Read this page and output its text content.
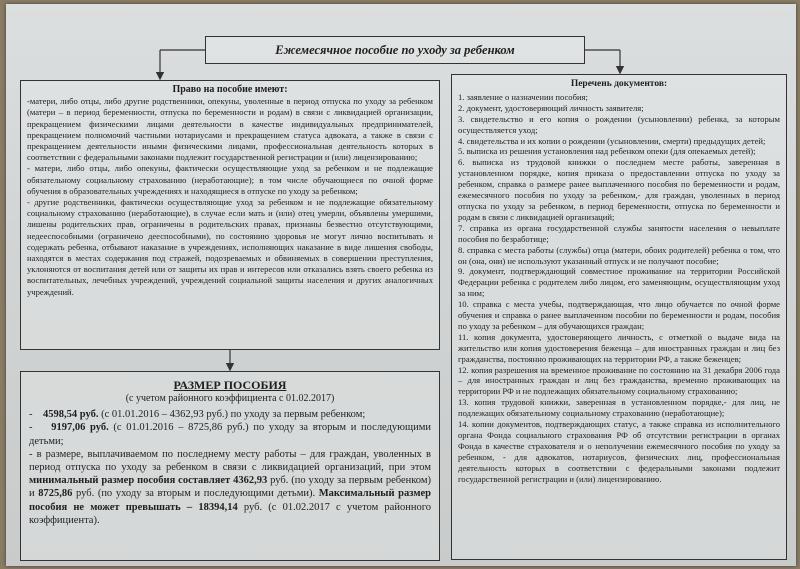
Ежемесячное пособие по уходу за ребенком
Право на пособие имеют:

-матери, либо отцы, либо другие родственники, опекуны, уволенные в период отпуска по уходу за ребенком (матери – в период беременности, отпуска по беременности и родам) в связи с ликвидацией организации, прекращением физическими лицами деятельности в качестве индивидуальных предпринимателей, прекращением полномочий частными нотариусами и прекращением статуса адвоката, а также в связи с прекращением деятельности иными физическими лицами, профессиональная деятельность которых в соответствии с федеральными законами подлежит государственной регистрации и (или) лицензированию;

- матери, либо отцы, либо опекуны, фактически осуществляющие уход за ребенком и не подлежащие обязательному социальному страхованию (неработающие); в том числе обучающиеся по очной форме обучения в образовательных учреждениях и находящиеся в отпуске по уходу за ребенком;

- другие родственники, фактически осуществляющие уход за ребенком и не подлежащие обязательному социальному страхованию (неработающие), в случае если мать и (или) отец умерли, объявлены умершими, лишены родительских прав, ограничены в родительских правах, признаны безвестно отсутствующими, недееспособными (ограничено дееспособными), по состоянию здоровья не могут лично воспитывать и содержать ребенка, отбывают наказание в учреждениях, исполняющих наказание в виде лишения свободы, находятся в местах содержания под стражей, подозреваемых и обвиняемых в совершении преступления, уклоняются от воспитания детей или от защиты их прав и интересов или отказались взять своего ребенка из воспитательных, лечебных учреждений, учреждений социальной защиты населения и других аналогичных учреждений.

РАЗМЕР ПОСОБИЯ
(с учетом районного коэффициента с 01.02.2017)

-    4598,54 руб. (с 01.01.2016 – 4362,93 руб.) по уходу за первым ребенком;

-    9197,06 руб. (с 01.01.2016 – 8725,86 руб.) по уходу за вторым и последующими детьми;

- в размере, выплачиваемом по последнему месту работы – для граждан, уволенных в период отпуска по уходу за ребенком в связи с ликвидацией организаций, при этом минимальный размер пособия составляет 4362,93 руб. (по уходу за первым ребенком) и 8725,86 руб. (по уходу за вторым и последующими детьми). Максимальный размер пособия не может превышать – 18394,14 руб. (с 01.02.2017 с учетом районного коэффициента).

Перечень документов:

1. заявление о назначении пособия;

2. документ, удостоверяющий личность заявителя;

3. свидетельство и его копия о рождении (усыновлении) ребенка, за которым осуществляется уход;

4. свидетельства и их копии о рождении (усыновлении, смерти) предыдущих детей;

5. выписка из решения установления над ребенком опеки (для опекаемых детей);

6. выписка из трудовой книжки о последнем месте работы, заверенная в установленном порядке, копия приказа о предоставлении отпуска по уходу за ребенком, справка о размере ранее выплаченного пособия по беременности и родам, ежемесячного пособия по уходу за ребенком,- для граждан, уволенных в период отпуска по уходу за ребенком, в период беременности, отпуска по беременности и родам в связи с ликвидацией организаций;

7. справка из органа государственной службы занятости населения о невыплате пособия по безработице;

8. справка с места работы (службы) отца (матери, обоих родителей) ребенка о том, что он (она, они) не используют указанный отпуск и не получают пособие;

9. документ, подтверждающий совместное проживание на территории Российской Федерации ребенка с родителем либо лицом, его заменяющим, осуществляющим уход за ним;

10. справка с места учебы, подтверждающая, что лицо обучается по очной форме обучения и справка о ранее выплаченном пособии по беременности и родам, пособия по уходу за ребенком – для обучающихся граждан;

11. копия документа, удостоверяющего личность, с отметкой о выдаче вида на жительство или копия удостоверения беженца – для иностранных граждан и лиц без гражданства, постоянно проживающих на территории РФ, а также беженцев;

12. копия разрешения на временное проживание по состоянию на 31 декабря 2006 года – для иностранных граждан и лиц без гражданства, временно проживающих на территории РФ и не подлежащих обязательному социальному страхованию;

13. копия трудовой книжки, заверенная в установленном порядке,- для лиц, не подлежащих обязательному социальному страхованию (неработающие);

14. копии документов, подтверждающих статус, а также справка из исполнительного органа Фонда социального страхования РФ об отсутствии регистрации в органах Фонда в качестве страхователя и о неполучении ежемесячного пособия по уходу за ребенком, - для адвокатов, нотариусов, физических лиц, профессиональная деятельность которых в соответствии с федеральными законами подлежит государственной регистрации и (или) лицензированию.
